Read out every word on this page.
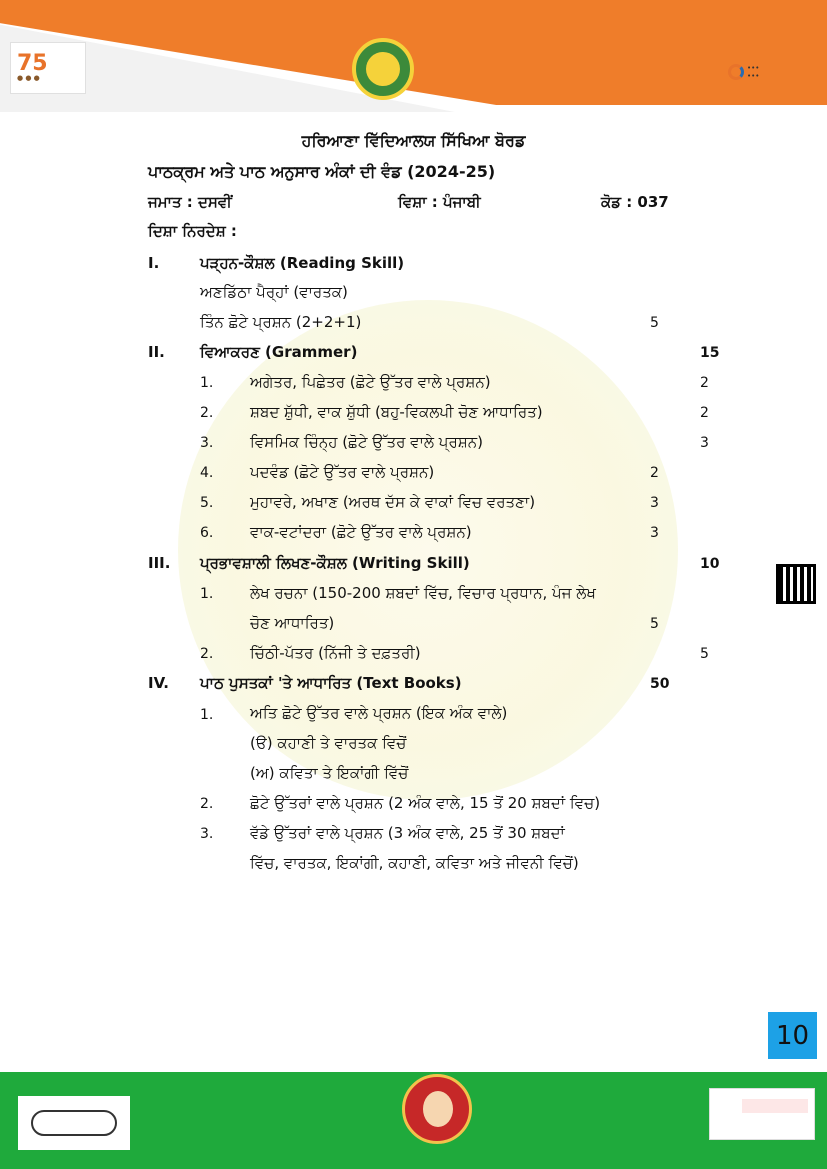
75
● ● ●
•••
•••
ਹਰਿਆਣਾ ਵਿੱਦਿਆਲਯ ਸਿੱਖਿਆ ਬੋਰਡ
ਪਾਠਕ੍ਰਮ ਅਤੇ ਪਾਠ ਅਨੁਸਾਰ ਅੰਕਾਂ ਦੀ ਵੰਡ (2024-25)
ਜਮਾਤ : ਦਸਵੀਂ	ਵਿਸ਼ਾ : ਪੰਜਾਬੀ	ਕੋਡ : 037
ਦਿਸ਼ਾ ਨਿਰਦੇਸ਼ :
I.	ਪੜ੍ਹਨ-ਕੌਸ਼ਲ (Reading Skill)
ਅਣਡਿੱਠਾ ਪੈਰ੍ਹਾਂ (ਵਾਰਤਕ)
ਤਿੰਨ ਛੋਟੇ ਪ੍ਰਸ਼ਨ (2+2+1)	5
II. ਵਿਆਕਰਣ (Grammer)	15
1. ਅਗੇਤਰ, ਪਿਛੇਤਰ (ਛੋਟੇ ਉੱਤਰ ਵਾਲੇ ਪ੍ਰਸ਼ਨ)	2
2. ਸ਼ਬਦ ਸ਼ੁੱਧੀ, ਵਾਕ ਸ਼ੁੱਧੀ (ਬਹੁ-ਵਿਕਲਪੀ ਚੋਣ ਆਧਾਰਿਤ)	2
3. ਵਿਸਮਿਕ ਚਿੰਨ੍ਹ (ਛੋਟੇ ਉੱਤਰ ਵਾਲੇ ਪ੍ਰਸ਼ਨ)	3
4. ਪਦਵੰਡ (ਛੋਟੇ ਉੱਤਰ ਵਾਲੇ ਪ੍ਰਸ਼ਨ)	2
5. ਮੁਹਾਵਰੇ, ਅਖਾਣ (ਅਰਥ ਦੱਸ ਕੇ ਵਾਕਾਂ ਵਿਚ ਵਰਤਣਾ)	3
6. ਵਾਕ-ਵਟਾਂਦਰਾ (ਛੋਟੇ ਉੱਤਰ ਵਾਲੇ ਪ੍ਰਸ਼ਨ)	3
III. ਪ੍ਰਭਾਵਸ਼ਾਲੀ ਲਿਖਣ-ਕੌਸ਼ਲ (Writing Skill)	10
1. ਲੇਖ ਰਚਨਾ (150-200 ਸ਼ਬਦਾਂ ਵਿੱਚ, ਵਿਚਾਰ ਪ੍ਰਧਾਨ, ਪੰਜ ਲੇਖ
ਚੋਣ ਆਧਾਰਿਤ)	5
2. ਚਿੱਠੀ-ਪੱਤਰ (ਨਿੱਜੀ ਤੇ ਦਫ਼ਤਰੀ)	5
IV. ਪਾਠ ਪੁਸਤਕਾਂ 'ਤੇ ਆਧਾਰਿਤ (Text Books)	50
1. ਅਤਿ ਛੋਟੇ ਉੱਤਰ ਵਾਲੇ ਪ੍ਰਸ਼ਨ (ਇਕ ਅੰਕ ਵਾਲੇ)
(ੳ) ਕਹਾਣੀ ਤੇ ਵਾਰਤਕ ਵਿਚੋਂ
(ਅ) ਕਵਿਤਾ ਤੇ ਇਕਾਂਗੀ ਵਿੱਚੋਂ
2. ਛੋਟੇ ਉੱਤਰਾਂ ਵਾਲੇ ਪ੍ਰਸ਼ਨ (2 ਅੰਕ ਵਾਲੇ, 15 ਤੋਂ 20 ਸ਼ਬਦਾਂ ਵਿਚ)
3. ਵੱਡੇ ਉੱਤਰਾਂ ਵਾਲੇ ਪ੍ਰਸ਼ਨ (3 ਅੰਕ ਵਾਲੇ, 25 ਤੋਂ 30 ਸ਼ਬਦਾਂ
ਵਿੱਚ, ਵਾਰਤਕ, ਇਕਾਂਗੀ, ਕਹਾਣੀ, ਕਵਿਤਾ ਅਤੇ ਜੀਵਨੀ ਵਿਚੋਂ)
10
